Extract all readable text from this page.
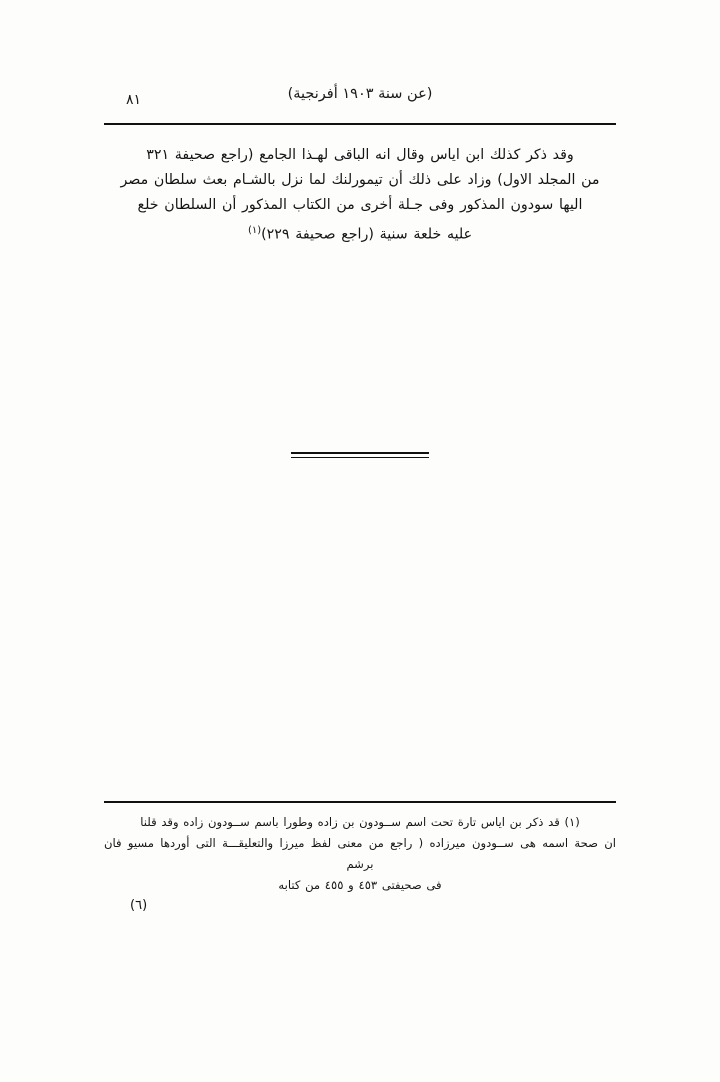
(عن سنة ١٩٠٣ أفرنجية)
٨١

وقد ذكر كذلك ابن اياس وقال انه الباقى لهـذا الجامع (راجع صحيفة ٣٢١

من المجلد الاول) وزاد على ذلك أن تيمورلنك لما نزل بالشـام بعث سلطان مصر

اليها سودون المذكور وفى جـلة أخرى من الكتاب المذكور أن السلطان خلع

عليه خلعة سنية (راجع صحيفة ٢٢٩)$^{(١)}$

(١) قد ذكر بن اياس تارة تحت اسم ســودون بن زاده وطورا باسم ســودون زاده وقد قلنا

ان صحة اسمه هى ســودون ميرزاده ( راجع من معنى لفظ ميرزا والتعليقـــة التى أوردها مسيو فان برشم

فى صحيفتى ٤٥٣ و ٤٥٥ من كتابه

(٦)
